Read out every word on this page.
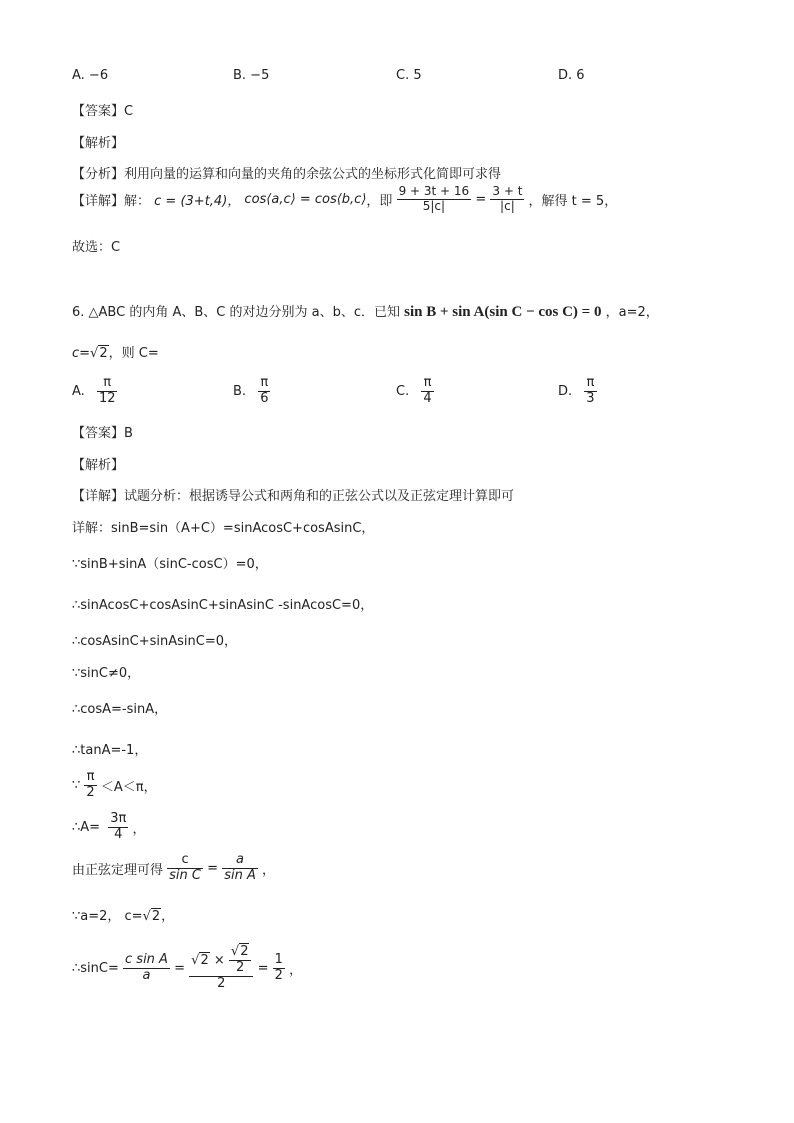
A. −6	B. −5	C. 5	D. 6
【答案】C
【解析】
【分析】利用向量的运算和向量的夹角的余弦公式的坐标形式化简即可求得
【详解】解： c = (3+t,4)， cos⟨a,c⟩ = cos⟨b,c⟩，即 $\frac{9 + 3t + 16}{5|c|} = \frac{3 + t}{|c|}$ ，解得 t = 5，
故选：C
6. △ABC 的内角 A、B、C 的对边分别为 a、b、c．已知 sin B + sin A(sin C − cos C) = 0 ，a=2，
c=√2，则 C=
A. $\frac{\pi}{12}$	B. $\frac{\pi}{6}$	C. $\frac{\pi}{4}$	D. $\frac{\pi}{3}$
【答案】B
【解析】
【详解】试题分析：根据诱导公式和两角和的正弦公式以及正弦定理计算即可
详解：sinB=sin（A+C）=sinAcosC+cosAsinC，
∵sinB+sinA（sinC-cosC）=0，
∴sinAcosC+cosAsinC+sinAsinC -sinAcosC=0，
∴cosAsinC+sinAsinC=0，
∵sinC≠0，
∴cosA=-sinA，
∴tanA=-1，
∵ $\frac{\pi}{2} <A<\pi$，
∴A= $\frac{3\pi}{4}$ ，
由正弦定理可得 $\frac{c}{\text{sin C}} = \frac{a}{\text{sin A}}$ ，
∵a=2， c=√2，
∴sinC= $\frac{\text{c sin A}}{a} = \frac{√2 \times \frac{√2}{2}}{2} = \frac{1}{2}$ ，
